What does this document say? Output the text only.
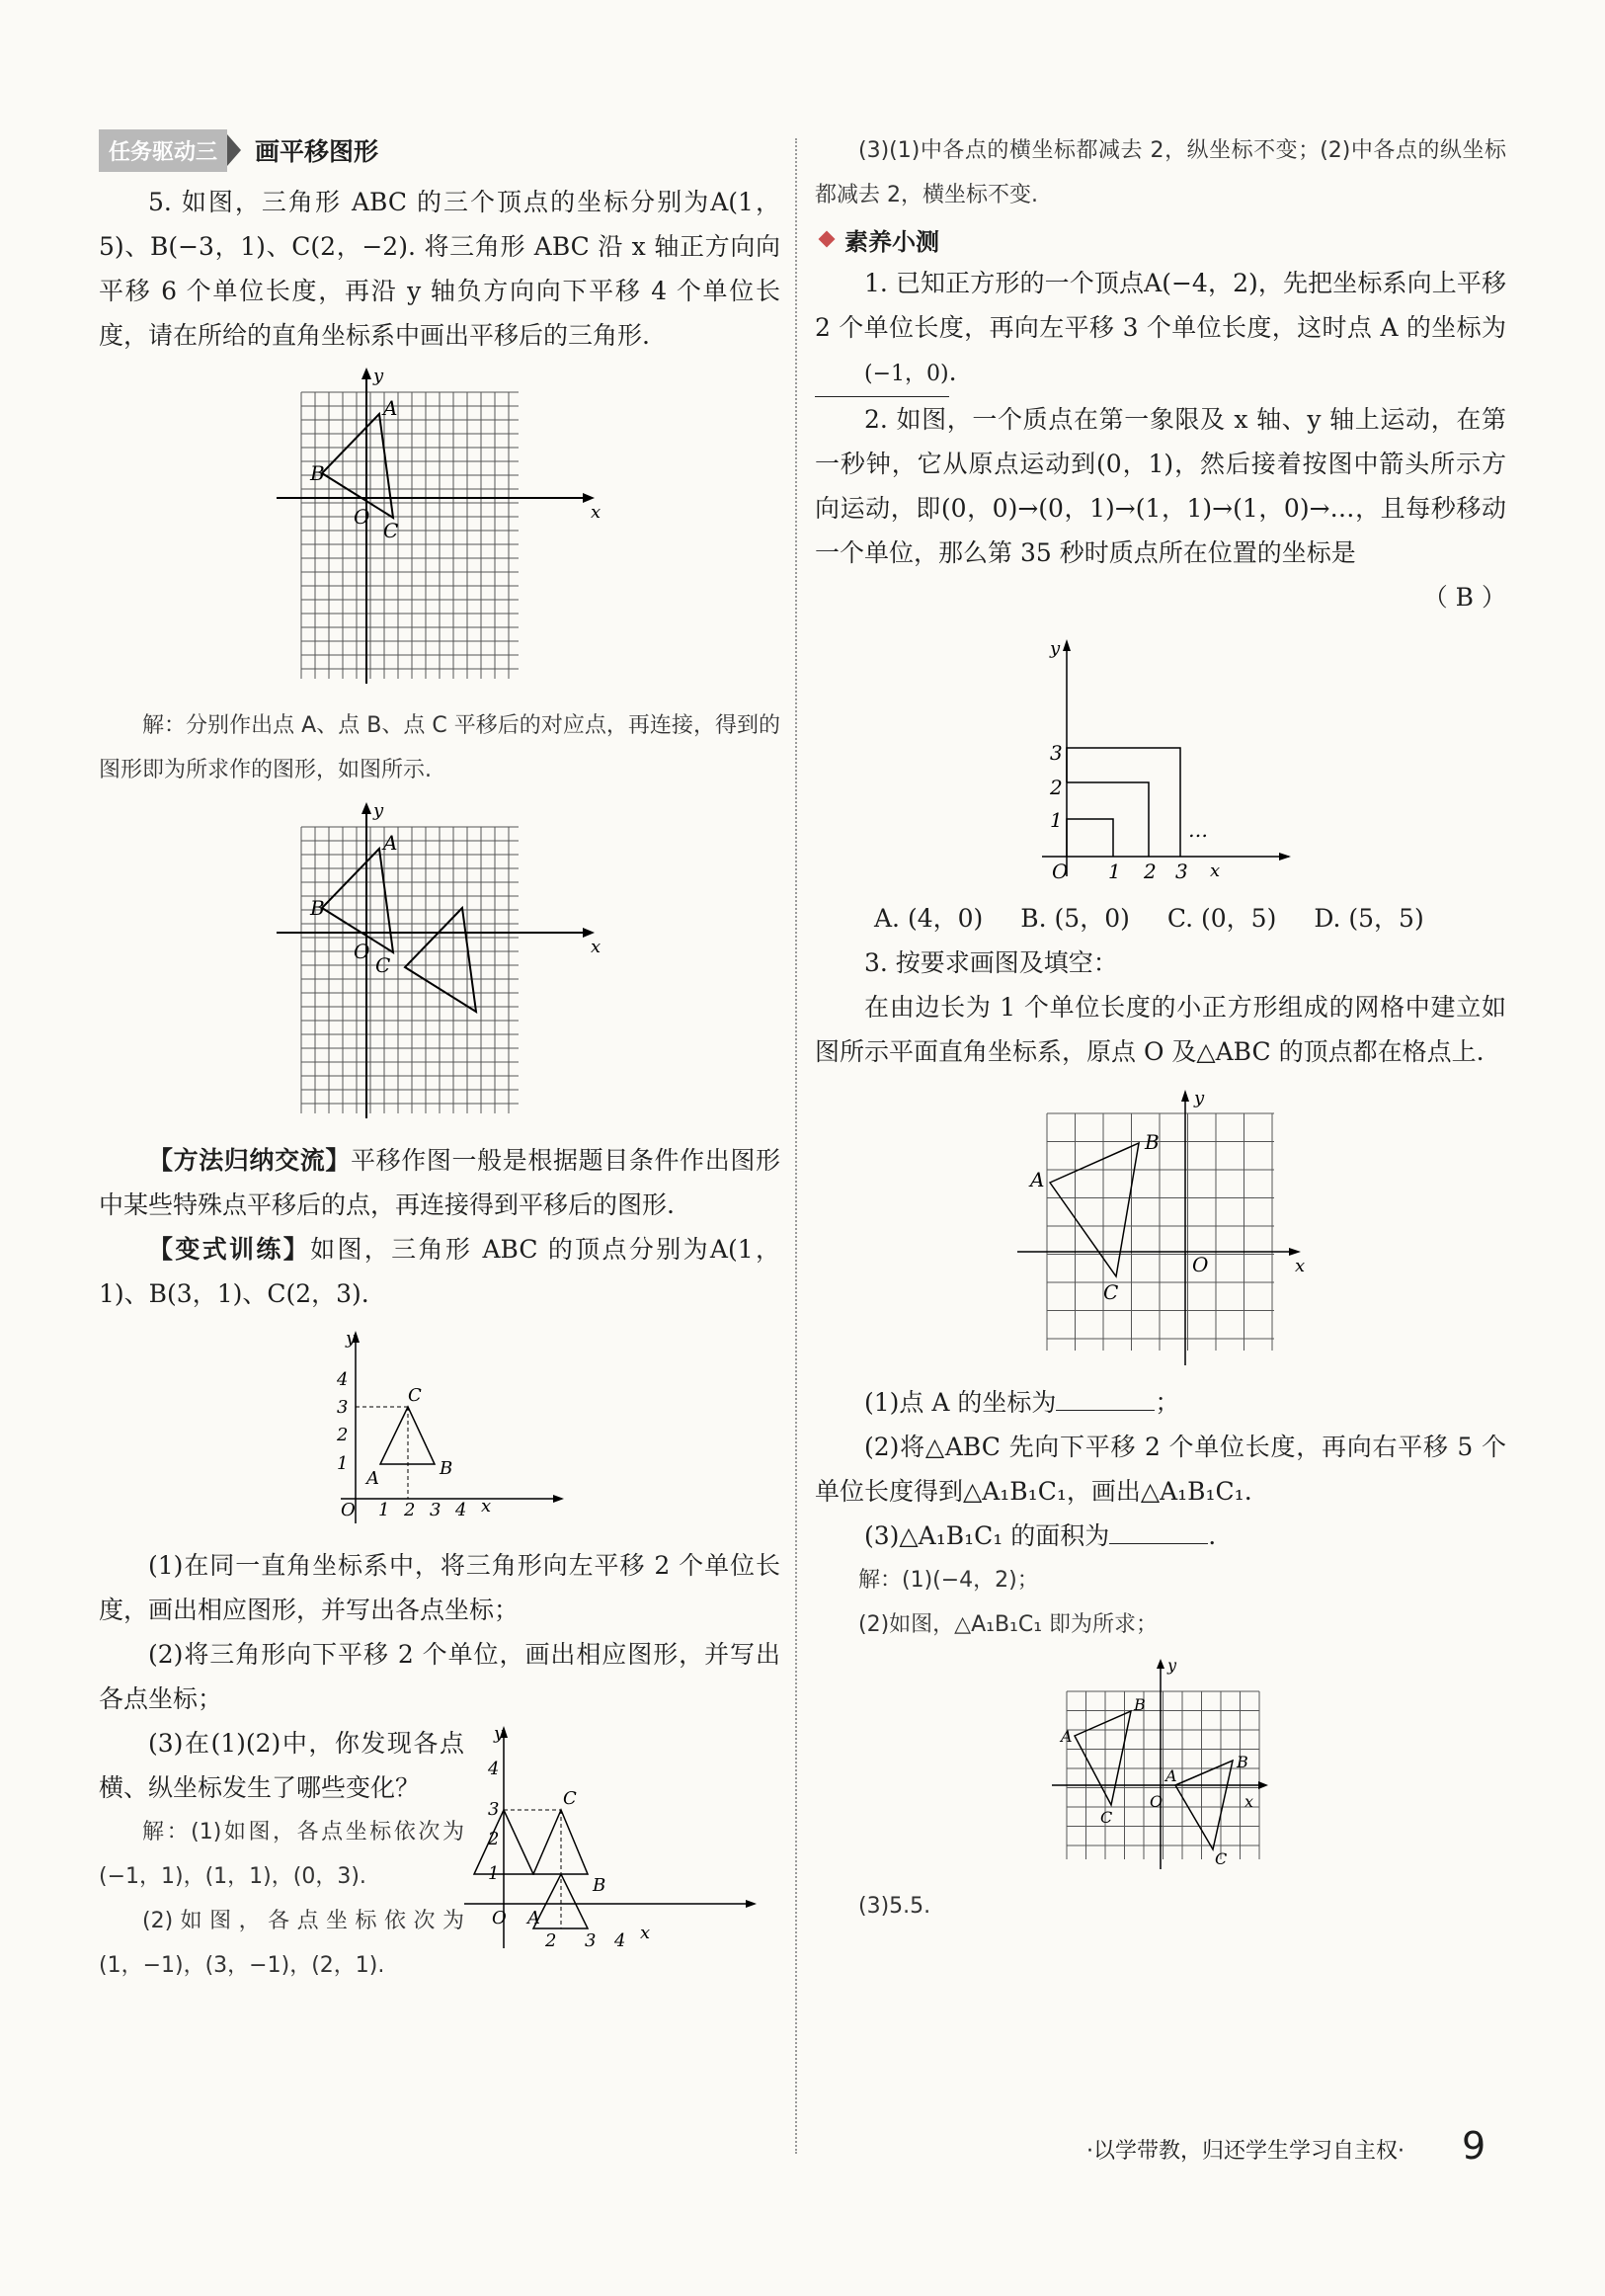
任务驱动三	画平移图形

5. 如图，三角形 ABC 的三个顶点的坐标分别为A(1，5)、B(−3，1)、C(2，−2). 将三角形 ABC 沿 x 轴正方向向平移 6 个单位长度，再沿 y 轴负方向向下平移 4 个单位长度，请在所给的直角坐标系中画出平移后的三角形.

x
y
A
B
C
O

解：分别作出点 A、点 B、点 C 平移后的对应点，再连接，得到的图形即为所求作的图形，如图所示.

x
y
A
B
C
O

【方法归纳交流】平移作图一般是根据题目条件作出图形中某些特殊点平移后的点，再连接得到平移后的图形.

【变式训练】如图，三角形 ABC 的顶点分别为A(1，1)、B(3，1)、C(2，3).

O 1 2 3 4 x
1
2
3
4
y
A	B
C

(1)在同一直角坐标系中，将三角形向左平移 2 个单位长度，画出相应图形，并写出各点坐标；

(2)将三角形向下平移 2 个单位，画出相应图形，并写出各点坐标；

(3)在(1)(2)中，你发现各点横、纵坐标发生了哪些变化？

解：(1)如图，各点坐标依次为(−1，1)，(1，1)，(0，3).

(2)如图，各点坐标依次为(1，−1)，(3，−1)，(2，1).

4
3
2
1
O A
B
C
2 3 4 x
y

(3)(1)中各点的横坐标都减去 2，纵坐标不变；(2)中各点的纵坐标都减去 2，横坐标不变.

素养小测

1. 已知正方形的一个顶点A(−4，2)，先把坐标系向上平移 2 个单位长度，再向左平移 3 个单位长度，这时点 A 的坐标为(−1，0).

2. 如图，一个质点在第一象限及 x 轴、y 轴上运动，在第一秒钟，它从原点运动到(0，1)，然后接着按图中箭头所示方向运动，即(0，0)→(0，1)→(1，1)→(1，0)→…，且每秒移动一个单位，那么第 35 秒时质点所在位置的坐标是

（ B ）

y
3
2
1
O 1 2 3 x
…
A. (4，0) B. (5，0) C. (0，5) D. (5，5)

3. 按要求画图及填空：

在由边长为 1 个单位长度的小正方形组成的网格中建立如图所示平面直角坐标系，原点 O 及△ABC 的顶点都在格点上.

A
B
C
O	x
y

(1)点 A 的坐标为	；

(2)将△ABC 先向下平移 2 个单位长度，再向右平移 5 个单位长度得到△A₁B₁C₁，画出△A₁B₁C₁.

(3)△A₁B₁C₁ 的面积为	.

解：(1)(−4，2)；

(2)如图，△A₁B₁C₁ 即为所求；

A
B
C
O
A
B
C
x
y

(3)5.5.

·以学带教，归还学生学习自主权· 9
